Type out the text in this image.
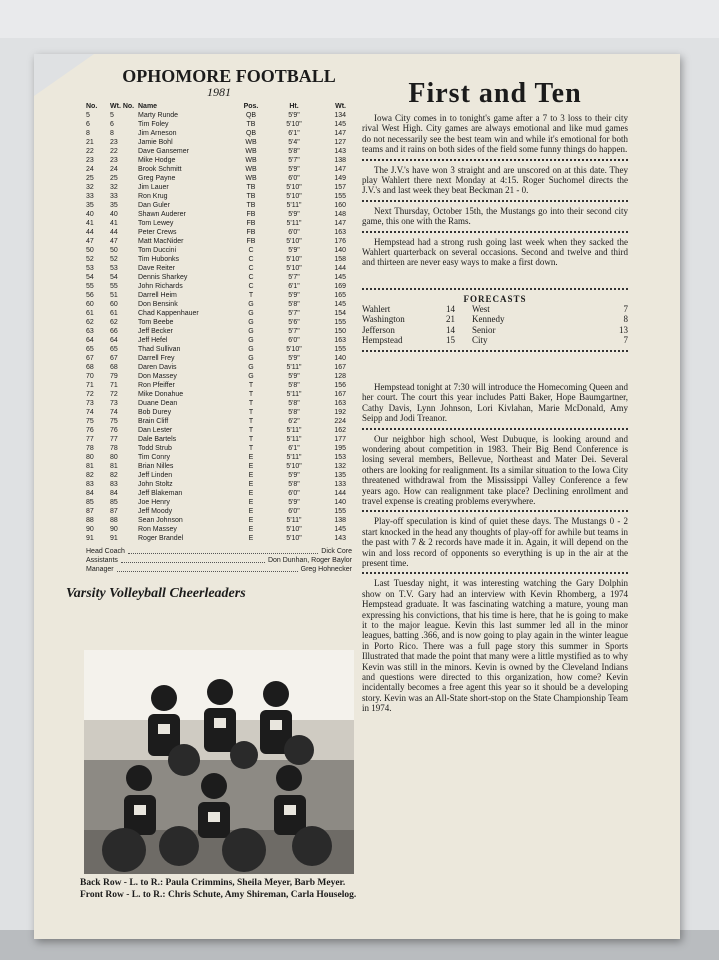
OPHOMORE FOOTBALL
1981
No.	Wt. No. Name	Pos.	Ht.	Wt.
5	5	Marty Runde	QB	5'9"	134
6	6	Tim Foley	TB	5'10"	145
8	8	Jim Arneson	QB	6'1"	147
21	23	Jamie Bohl	WB	5'4"	127
22	22	Dave Gansemer	WB	5'8"	143
23	23	Mike Hodge	WB	5'7"	138
24	24	Brook Schmitt	WB	5'9"	147
25	25	Greg Payne	WB	6'0"	149
32	32	Jim Lauer	TB	5'10"	157
33	33	Ron Krug	TB	5'10"	155
35	35	Dan Guler	TB	5'11"	160
40	40	Shawn Auderer	FB	5'9"	148
41	41	Tom Lewey	FB	5'11"	147
44	44	Peter Crews	FB	6'0"	163
47	47	Matt MacNider	FB	5'10"	176
50	50	Tom Duccini	C	5'9"	140
52	52	Tim Hubonks	C	5'10"	158
53	53	Dave Reiter	C	5'10"	144
54	54	Dennis Sharkey	C	5'7"	145
55	55	John Richards	C	6'1"	169
56	51	Darrell Heim	T	5'9"	165
60	60	Don Bensink	G	5'8"	145
61	61	Chad Kappenhauer	G	5'7"	154
62	62	Tom Beebe	G	5'6"	155
63	66	Jeff Becker	G	5'7"	150
64	64	Jeff Hefel	G	6'0"	163
65	65	Thad Sullivan	G	5'10"	155
67	67	Darrell Frey	G	5'9"	140
68	68	Daren Davis	G	5'11"	167
70	79	Don Massey	G	5'9"	128
71	71	Ron Pfeiffer	T	5'8"	156
72	72	Mike Donahue	T	5'11"	167
73	73	Duane Dean	T	5'8"	163
74	74	Bob Durey	T	5'8"	192
75	75	Brain Cliff	T	6'2"	224
76	76	Dan Lester	T	5'11"	162
77	77	Dale Bartels	T	5'11"	177
78	78	Todd Strub	T	6'1"	195
80	80	Tim Conry	E	5'11"	153
81	81	Brian Nilles	E	5'10"	132
82	82	Jeff Linden	E	5'9"	135
83	83	John Stoltz	E	5'8"	133
84	84	Jeff Blakeman	E	6'0"	144
85	85	Joe Henry	E	5'9"	140
87	87	Jeff Moody	E	6'0"	155
88	88	Sean Johnson	E	5'11"	138
90	90	Ron Massey	E	5'10"	145
91	91	Roger Brandel	E	5'10"	143
Head Coach	Dick Core
Assistants	Don Dunhan, Roger Baylor
Manager	Greg Hohnecker
Varsity Volleyball Cheerleaders
Back Row - L. to R.: Paula Crimmins, Sheila Meyer, Barb Meyer.
Front Row - L. to R.: Chris Schute, Amy Shireman, Carla Houselog.
First and Ten

Iowa City comes in to tonight's game after a 7 to 3 loss to their city rival West High. City games are always emotional and like mud games do not necessarily see the best team win and while it's emotional for both teams and it rains on both sides of the field some funny things do happen.

The J.V.'s have won 3 straight and are unscored on at this date. They play Wahlert there next Monday at 4:15. Roger Suchomel directs the J.V.'s and last week they beat Beckman 21 - 0.

Next Thursday, October 15th, the Mustangs go into their second city game, this one with the Rams.

Hempstead had a strong rush going last week when they sacked the Wahlert quarterback on several occasions. Second and twelve and third and thirteen are never easy ways to make a first down.

FORECASTS
Wahlert	14	West	7
Washington	21	Kennedy	8
Jefferson	14	Senior	13
Hempstead	15	City	7

Hempstead tonight at 7:30 will introduce the Homecoming Queen and her court. The court this year includes Patti Baker, Hope Baumgartner, Cathy Davis, Lynn Johnson, Lori Kivlahan, Marie McDonald, Amy Seipp and Jodi Treanor.

Our neighbor high school, West Dubuque, is looking around and wondering about competition in 1983. Their Big Bend Conference is losing several members, Bellevue, Northeast and Mater Dei. Several others are looking for realignment. Its a similar situation to the Iowa City threatened withdrawal from the Mississippi Valley Conference a few years ago. How can realignment take place? Declining enrollment and travel expense is creating problems everywhere.

Play-off speculation is kind of quiet these days. The Mustangs 0 - 2 start knocked in the head any thoughts of play-off for awhile but teams in the past with 7 & 2 records have made it in. Again, it will depend on the win and loss record of opponents so everything is up in the air at the present time.

Last Tuesday night, it was interesting watching the Gary Dolphin show on T.V. Gary had an interview with Kevin Rhomberg, a 1974 Hempstead graduate. It was fascinating watching a mature, young man expressing his convictions, that his time is here, that he is going to make it to the major league. Kevin this last summer led all in the minor leagues, batting .366, and is now going to play again in the winter league in Porto Rico. There was a full page story this summer in Sports Illustrated that made the point that many were a little mystified as to why Kevin was still in the minors. Kevin is owned by the Cleveland Indians and questions were directed to this organization, how come? Kevin incidentally becomes a free agent this year so it should be a developing story. Kevin was an All-State short-stop on the State Championship Team in 1974.
